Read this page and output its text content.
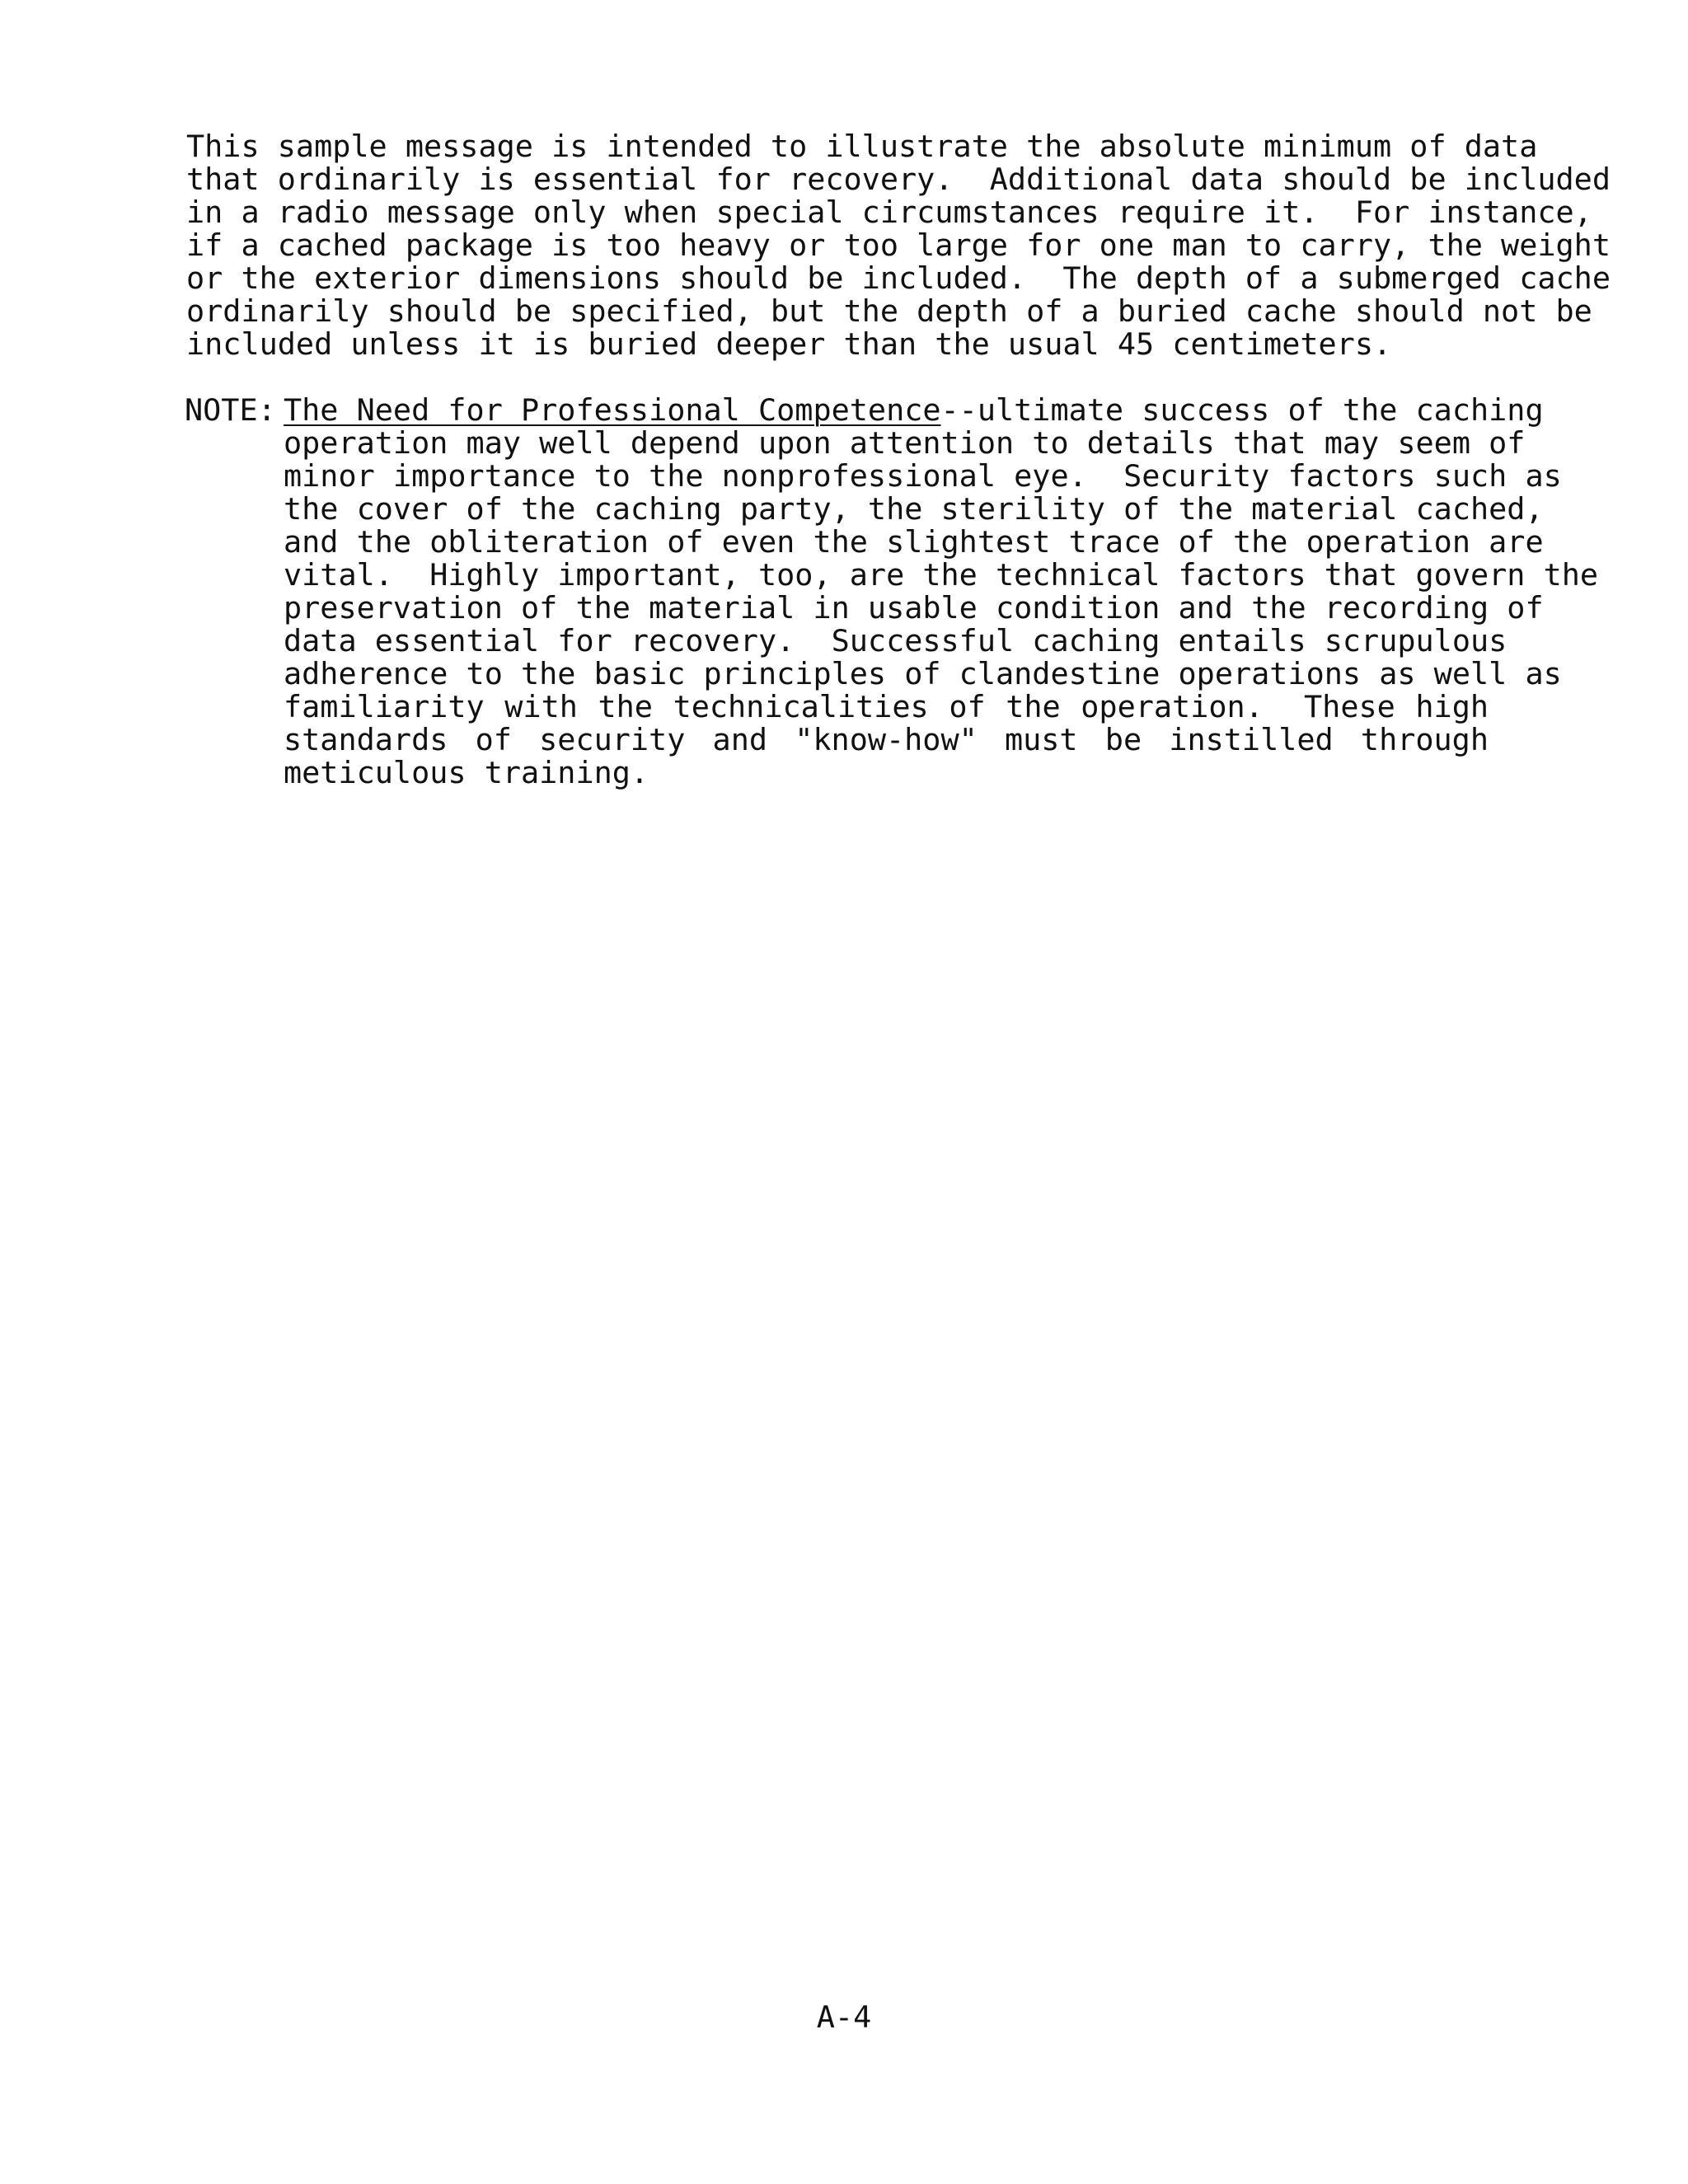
This sample message is intended to illustrate the absolute minimum of data
that ordinarily is essential for recovery.  Additional data should be included
in a radio message only when special circumstances require it.  For instance,
if a cached package is too heavy or too large for one man to carry, the weight
or the exterior dimensions should be included.  The depth of a submerged cache
ordinarily should be specified, but the depth of a buried cache should not be
included unless it is buried deeper than the usual 45 centimeters.
NOTE: The Need for Professional Competence--ultimate success of the caching
operation may well depend upon attention to details that may seem of
minor importance to the nonprofessional eye.  Security factors such as
the cover of the caching party, the sterility of the material cached,
and the obliteration of even the slightest trace of the operation are
vital.  Highly important, too, are the technical factors that govern the
preservation of the material in usable condition and the recording of
data essential for recovery.  Successful caching entails scrupulous
adherence to the basic principles of clandestine operations as well as
familiarity with the technicalities of the operation.  These high
standards of security and "know-how" must be instilled through
meticulous training.
A-4
